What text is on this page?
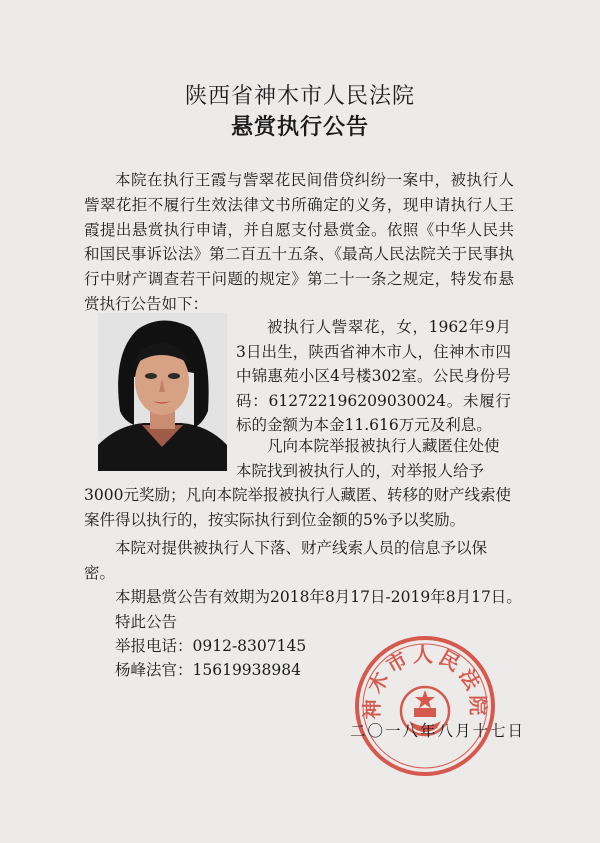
陕西省神木市人民法院
悬赏执行公告

本院在执行王霞与訾翠花民间借贷纠纷一案中，被执行人訾翠花拒不履行生效法律文书所确定的义务，现申请执行人王霞提出悬赏执行申请，并自愿支付悬赏金。依照《中华人民共和国民事诉讼法》第二百五十五条、《最高人民法院关于民事执行中财产调查若干问题的规定》第二十一条之规定，特发布悬赏执行公告如下：

被执行人訾翠花，女，1962年9月3日出生，陕西省神木市人，住神木市四中锦惠苑小区4号楼302室。公民身份号码：612722196209030024。未履行标的金额为本金11.616万元及利息。

凡向本院举报被执行人藏匿住处使本院找到被执行人的，对举报人给予

3000元奖励；凡向本院举报被执行人藏匿、转移的财产线索使案件得以执行的，按实际执行到位金额的5%予以奖励。

本院对提供被执行人下落、财产线索人员的信息予以保密。

本期悬赏公告有效期为2018年8月17日-2019年8月17日。
特此公告
举报电话：0912-8307145
杨峰法官：15619938984
神木市人民法院
二〇一八年八月十七日
